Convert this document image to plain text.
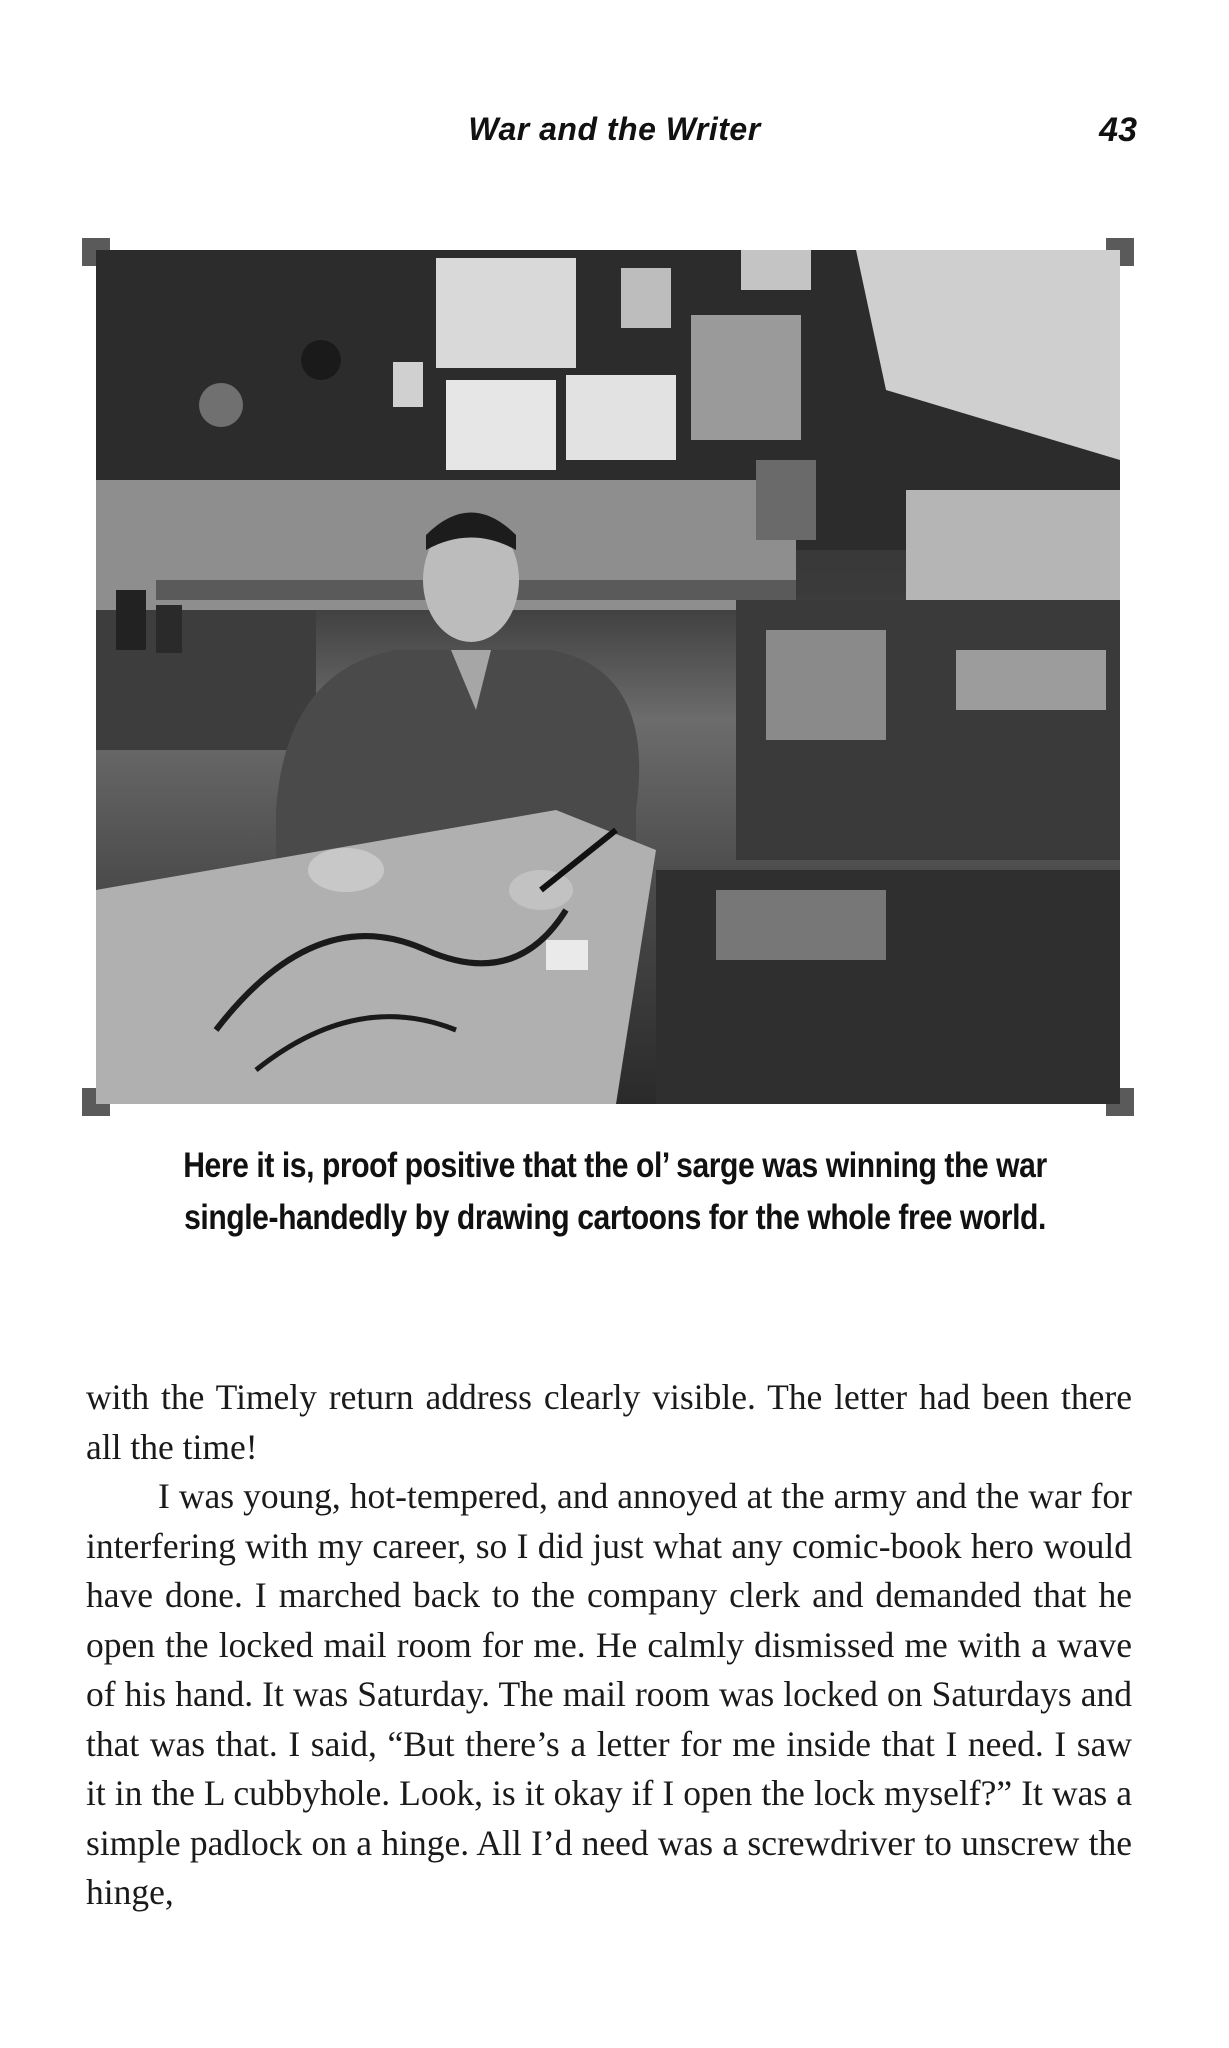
War and the Writer	43
Here it is, proof positive that the ol’ sarge was winning the war single-handedly by drawing cartoons for the whole free world.

with the Timely return address clearly visible. The letter had been there all the time!

I was young, hot-tempered, and annoyed at the army and the war for interfering with my career, so I did just what any comic-book hero would have done. I marched back to the company clerk and demanded that he open the locked mail room for me. He calmly dismissed me with a wave of his hand. It was Saturday. The mail room was locked on Saturdays and that was that. I said, “But there’s a letter for me inside that I need. I saw it in the L cubbyhole. Look, is it okay if I open the lock myself?” It was a simple padlock on a hinge. All I’d need was a screwdriver to unscrew the hinge,
